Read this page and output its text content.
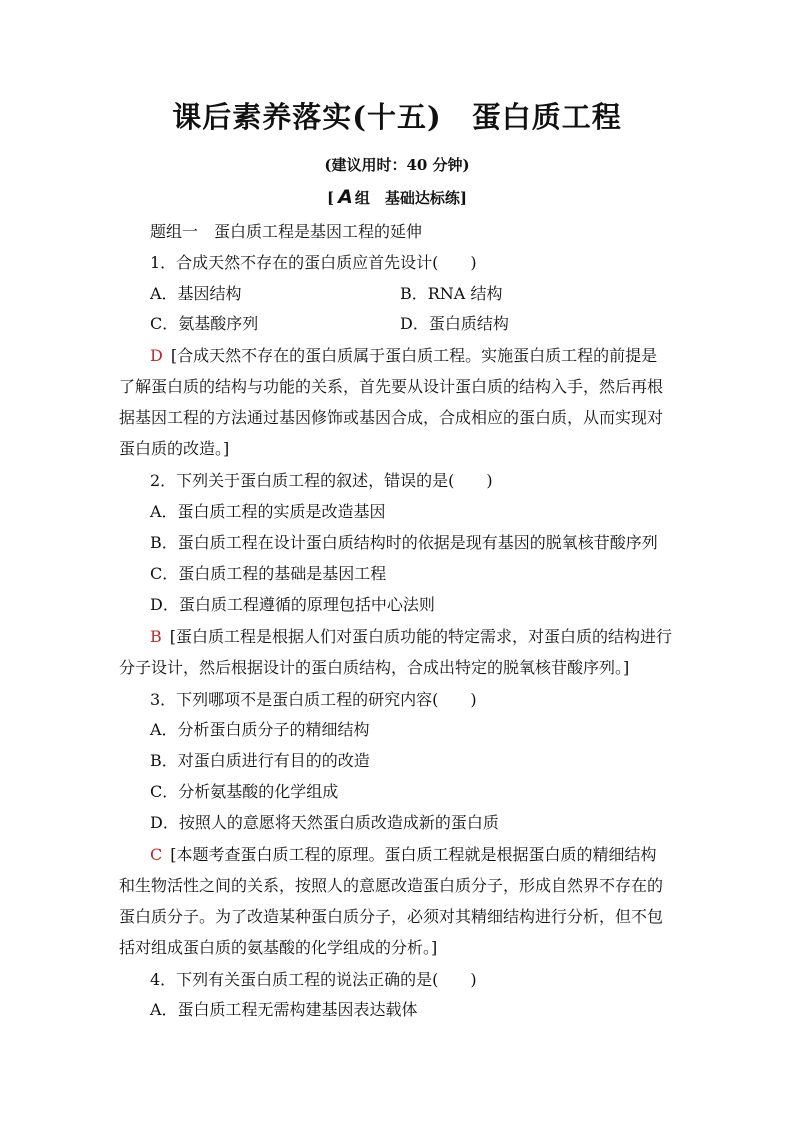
课后素养落实(十五)　蛋白质工程
(建议用时：40 分钟)
[ A 组　基础达标练]
题组一　蛋白质工程是基因工程的延伸
1．合成天然不存在的蛋白质应首先设计(　　)
A．基因结构	B．RNA 结构
C．氨基酸序列	D．蛋白质结构
D  [合成天然不存在的蛋白质属于蛋白质工程。实施蛋白质工程的前提是
了解蛋白质的结构与功能的关系，首先要从设计蛋白质的结构入手，然后再根
据基因工程的方法通过基因修饰或基因合成，合成相应的蛋白质，从而实现对
蛋白质的改造。]
2．下列关于蛋白质工程的叙述，错误的是(　　)
A．蛋白质工程的实质是改造基因
B．蛋白质工程在设计蛋白质结构时的依据是现有基因的脱氧核苷酸序列
C．蛋白质工程的基础是基因工程
D．蛋白质工程遵循的原理包括中心法则
B  [蛋白质工程是根据人们对蛋白质功能的特定需求，对蛋白质的结构进行
分子设计，然后根据设计的蛋白质结构，合成出特定的脱氧核苷酸序列。]
3．下列哪项不是蛋白质工程的研究内容(　　)
A．分析蛋白质分子的精细结构
B．对蛋白质进行有目的的改造
C．分析氨基酸的化学组成
D．按照人的意愿将天然蛋白质改造成新的蛋白质
C  [本题考查蛋白质工程的原理。蛋白质工程就是根据蛋白质的精细结构
和生物活性之间的关系，按照人的意愿改造蛋白质分子，形成自然界不存在的
蛋白质分子。为了改造某种蛋白质分子，必须对其精细结构进行分析，但不包
括对组成蛋白质的氨基酸的化学组成的分析。]
4．下列有关蛋白质工程的说法正确的是(　　)
A．蛋白质工程无需构建基因表达载体
